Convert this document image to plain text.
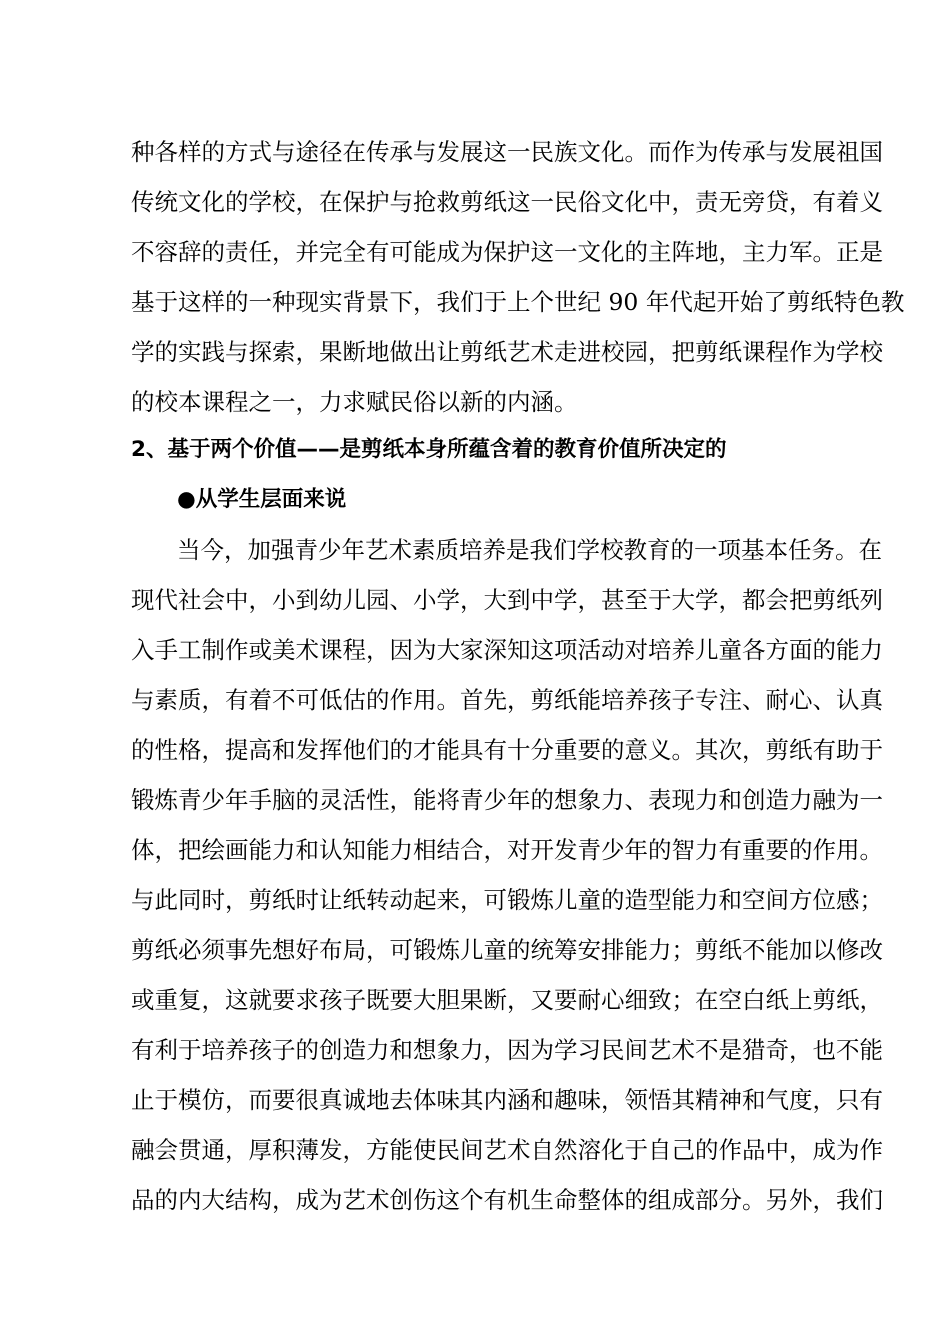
种各样的方式与途径在传承与发展这一民族文化。而作为传承与发展祖国
传统文化的学校，在保护与抢救剪纸这一民俗文化中，责无旁贷，有着义
不容辞的责任，并完全有可能成为保护这一文化的主阵地，主力军。正是
基于这样的一种现实背景下，我们于上个世纪 90 年代起开始了剪纸特色教
学的实践与探索，果断地做出让剪纸艺术走进校园，把剪纸课程作为学校
的校本课程之一，力求赋民俗以新的内涵。
2、基于两个价值——是剪纸本身所蕴含着的教育价值所决定的
●从学生层面来说
当今，加强青少年艺术素质培养是我们学校教育的一项基本任务。在
现代社会中，小到幼儿园、小学，大到中学，甚至于大学，都会把剪纸列
入手工制作或美术课程，因为大家深知这项活动对培养儿童各方面的能力
与素质，有着不可低估的作用。首先，剪纸能培养孩子专注、耐心、认真
的性格，提高和发挥他们的才能具有十分重要的意义。其次，剪纸有助于
锻炼青少年手脑的灵活性，能将青少年的想象力、表现力和创造力融为一
体，把绘画能力和认知能力相结合，对开发青少年的智力有重要的作用。
与此同时，剪纸时让纸转动起来，可锻炼儿童的造型能力和空间方位感；
剪纸必须事先想好布局，可锻炼儿童的统筹安排能力；剪纸不能加以修改
或重复，这就要求孩子既要大胆果断，又要耐心细致；在空白纸上剪纸，
有利于培养孩子的创造力和想象力，因为学习民间艺术不是猎奇，也不能
止于模仿，而要很真诚地去体味其内涵和趣味，领悟其精神和气度，只有
融会贯通，厚积薄发，方能使民间艺术自然溶化于自己的作品中，成为作
品的内大结构，成为艺术创伤这个有机生命整体的组成部分。另外，我们
